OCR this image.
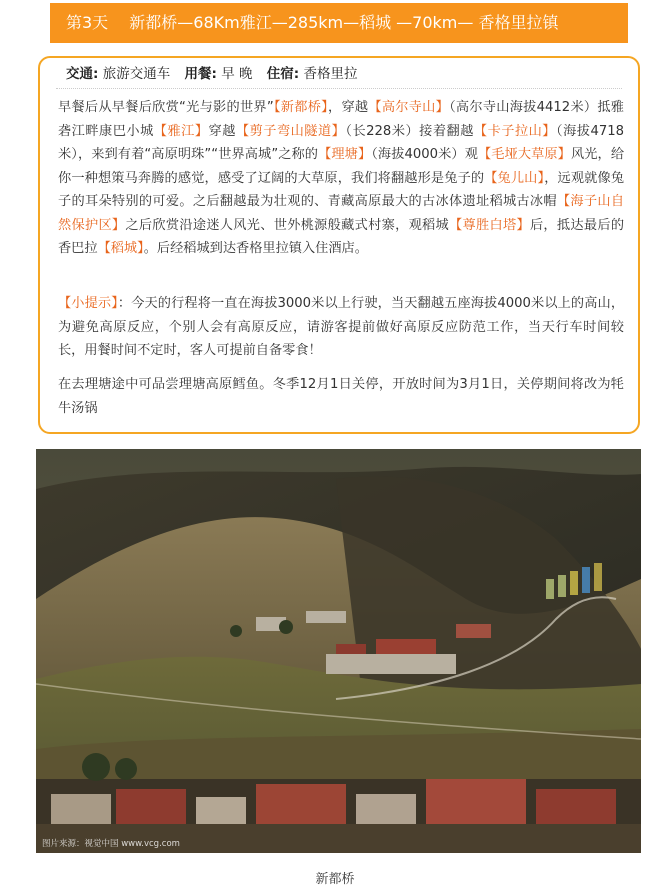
第3天　 新都桥—68Km雅江—285km—稻城 —70km— 香格里拉镇
交通: 旅游交通车 用餐: 早 晚 住宿: 香格里拉

早餐后从早餐后欣赏“光与影的世界”【新都桥】，穿越【高尔寺山】（高尔寺山海拔4412米）抵雅砻江畔康巴小城【雅江】穿越【剪子弯山隧道】（长228米）接着翻越【卡子拉山】（海拔4718米），来到有着“高原明珠”“世界高城”之称的【理塘】（海拔4000米）观【毛垭大草原】风光，给你一种想策马奔腾的感觉，感受了辽阔的大草原，我们将翻越形是兔子的【兔儿山】，远观就像兔子的耳朵特别的可爱。之后翻越最为壮观的、青藏高原最大的古冰体遗址稻城古冰帽【海子山自然保护区】之后欣赏沿途迷人风光、世外桃源般藏式村寨，观稻城【尊胜白塔】后，抵达最后的香巴拉【稻城】。后经稻城到达香格里拉镇入住酒店。

【小提示】：今天的行程将一直在海拔3000米以上行驶，当天翻越五座海拔4000米以上的高山，为避免高原反应，个别人会有高原反应，请游客提前做好高原反应防范工作，当天行车时间较长，用餐时间不定时，客人可提前自备零食！

在去理塘途中可品尝理塘高原鳕鱼。冬季12月1日关停，开放时间为3月1日，关停期间将改为牦牛汤锅

图片来源：视觉中国 www.vcg.com
新都桥
